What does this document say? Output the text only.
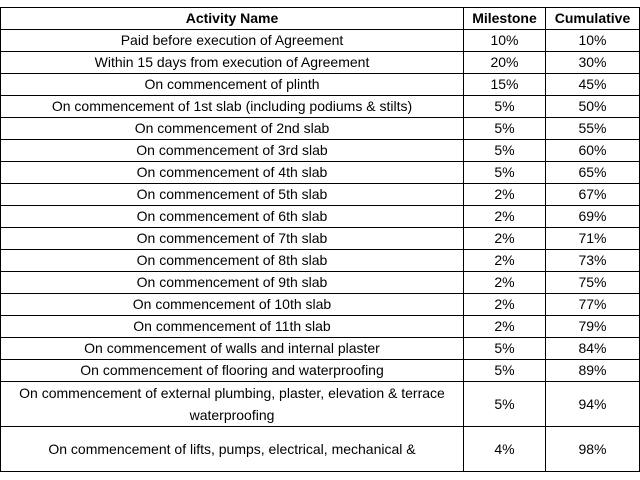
Activity Name	Milestone	Cumulative
Paid before execution of Agreement	10%	10%
Within 15 days from execution of Agreement	20%	30%
On commencement of plinth	15%	45%
On commencement of 1st slab (including podiums & stilts)	5%	50%
On commencement of 2nd slab	5%	55%
On commencement of 3rd slab	5%	60%
On commencement of 4th slab	5%	65%
On commencement of 5th slab	2%	67%
On commencement of 6th slab	2%	69%
On commencement of 7th slab	2%	71%
On commencement of 8th slab	2%	73%
On commencement of 9th slab	2%	75%
On commencement of 10th slab	2%	77%
On commencement of 11th slab	2%	79%
On commencement of walls and internal plaster	5%	84%
On commencement of flooring and waterproofing	5%	89%
On commencement of external plumbing, plaster, elevation & terrace waterproofing	5%	94%
On commencement of lifts, pumps, electrical, mechanical &	4%	98%
